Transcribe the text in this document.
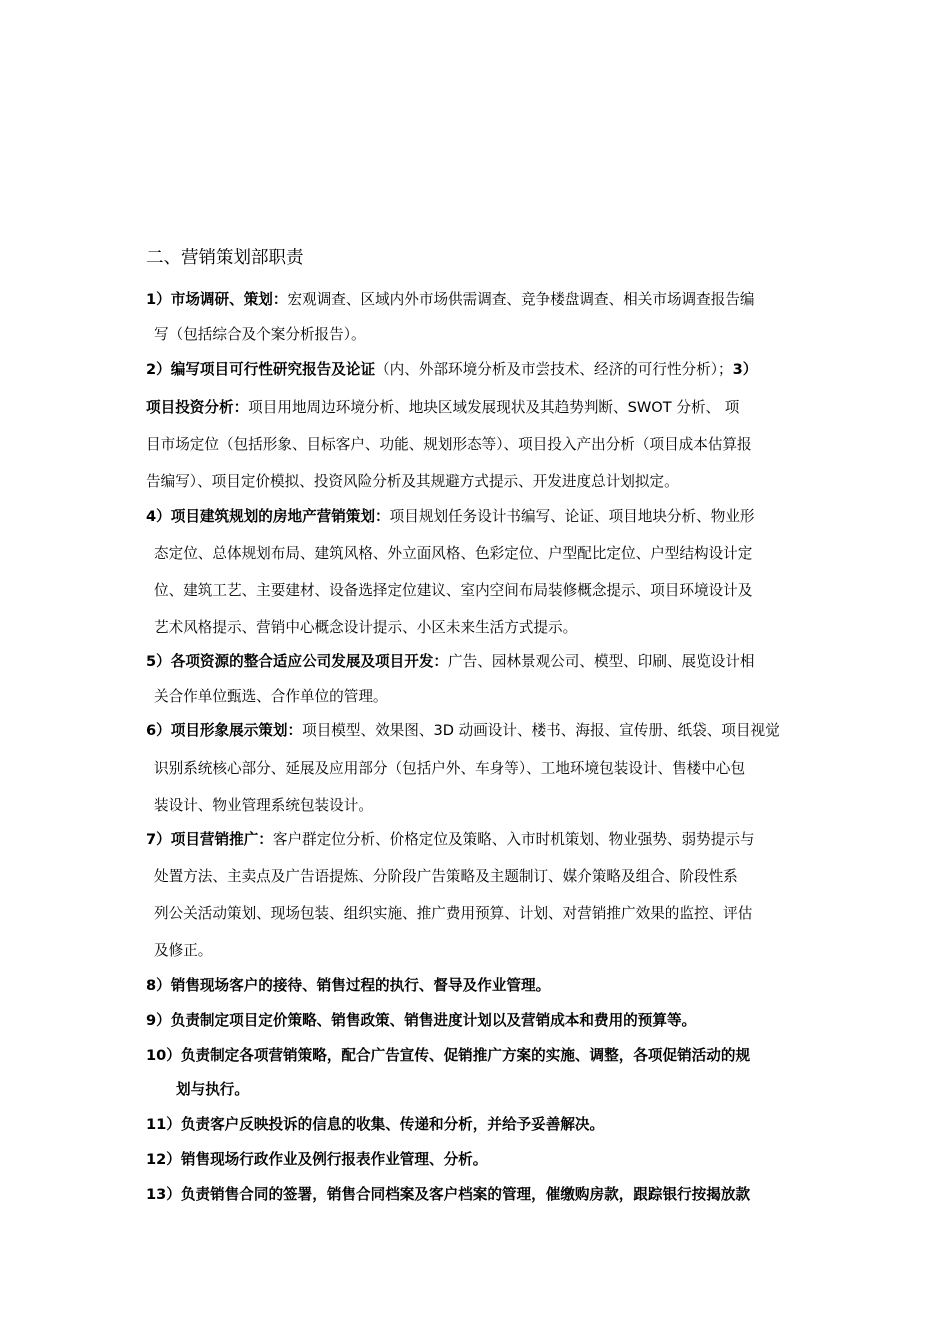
二、营销策划部职责
1）市场调研、策划：宏观调查、区域内外市场供需调查、竞争楼盘调查、相关市场调查报告编
写（包括综合及个案分析报告）。
2）编写项目可行性研究报告及论证（内、外部环境分析及市尝技术、经济的可行性分析）；3）
项目投资分析：项目用地周边环境分析、地块区域发展现状及其趋势判断、SWOT 分析、 项
目市场定位（包括形象、目标客户、功能、规划形态等）、项目投入产出分析（项目成本估算报
告编写）、项目定价模拟、投资风险分析及其规避方式提示、开发进度总计划拟定。
4）项目建筑规划的房地产营销策划：项目规划任务设计书编写、论证、项目地块分析、物业形
态定位、总体规划布局、建筑风格、外立面风格、色彩定位、户型配比定位、户型结构设计定
位、建筑工艺、主要建材、设备选择定位建议、室内空间布局装修概念提示、项目环境设计及
艺术风格提示、营销中心概念设计提示、小区未来生活方式提示。
5）各项资源的整合适应公司发展及项目开发：广告、园林景观公司、模型、印刷、展览设计相
关合作单位甄选、合作单位的管理。
6）项目形象展示策划：项目模型、效果图、3D 动画设计、楼书、海报、宣传册、纸袋、项目视觉
识别系统核心部分、延展及应用部分（包括户外、车身等）、工地环境包装设计、售楼中心包
装设计、物业管理系统包装设计。
7）项目营销推广：客户群定位分析、价格定位及策略、入市时机策划、物业强势、弱势提示与
处置方法、主卖点及广告语提炼、分阶段广告策略及主题制订、媒介策略及组合、阶段性系
列公关活动策划、现场包装、组织实施、推广费用预算、计划、对营销推广效果的监控、评估
及修正。
8）销售现场客户的接待、销售过程的执行、督导及作业管理。
9）负责制定项目定价策略、销售政策、销售进度计划以及营销成本和费用的预算等。
10）负责制定各项营销策略，配合广告宣传、促销推广方案的实施、调整，各项促销活动的规
划与执行。
11）负责客户反映投诉的信息的收集、传递和分析，并给予妥善解决。
12）销售现场行政作业及例行报表作业管理、分析。
13）负责销售合同的签署，销售合同档案及客户档案的管理，催缴购房款，跟踪银行按揭放款
